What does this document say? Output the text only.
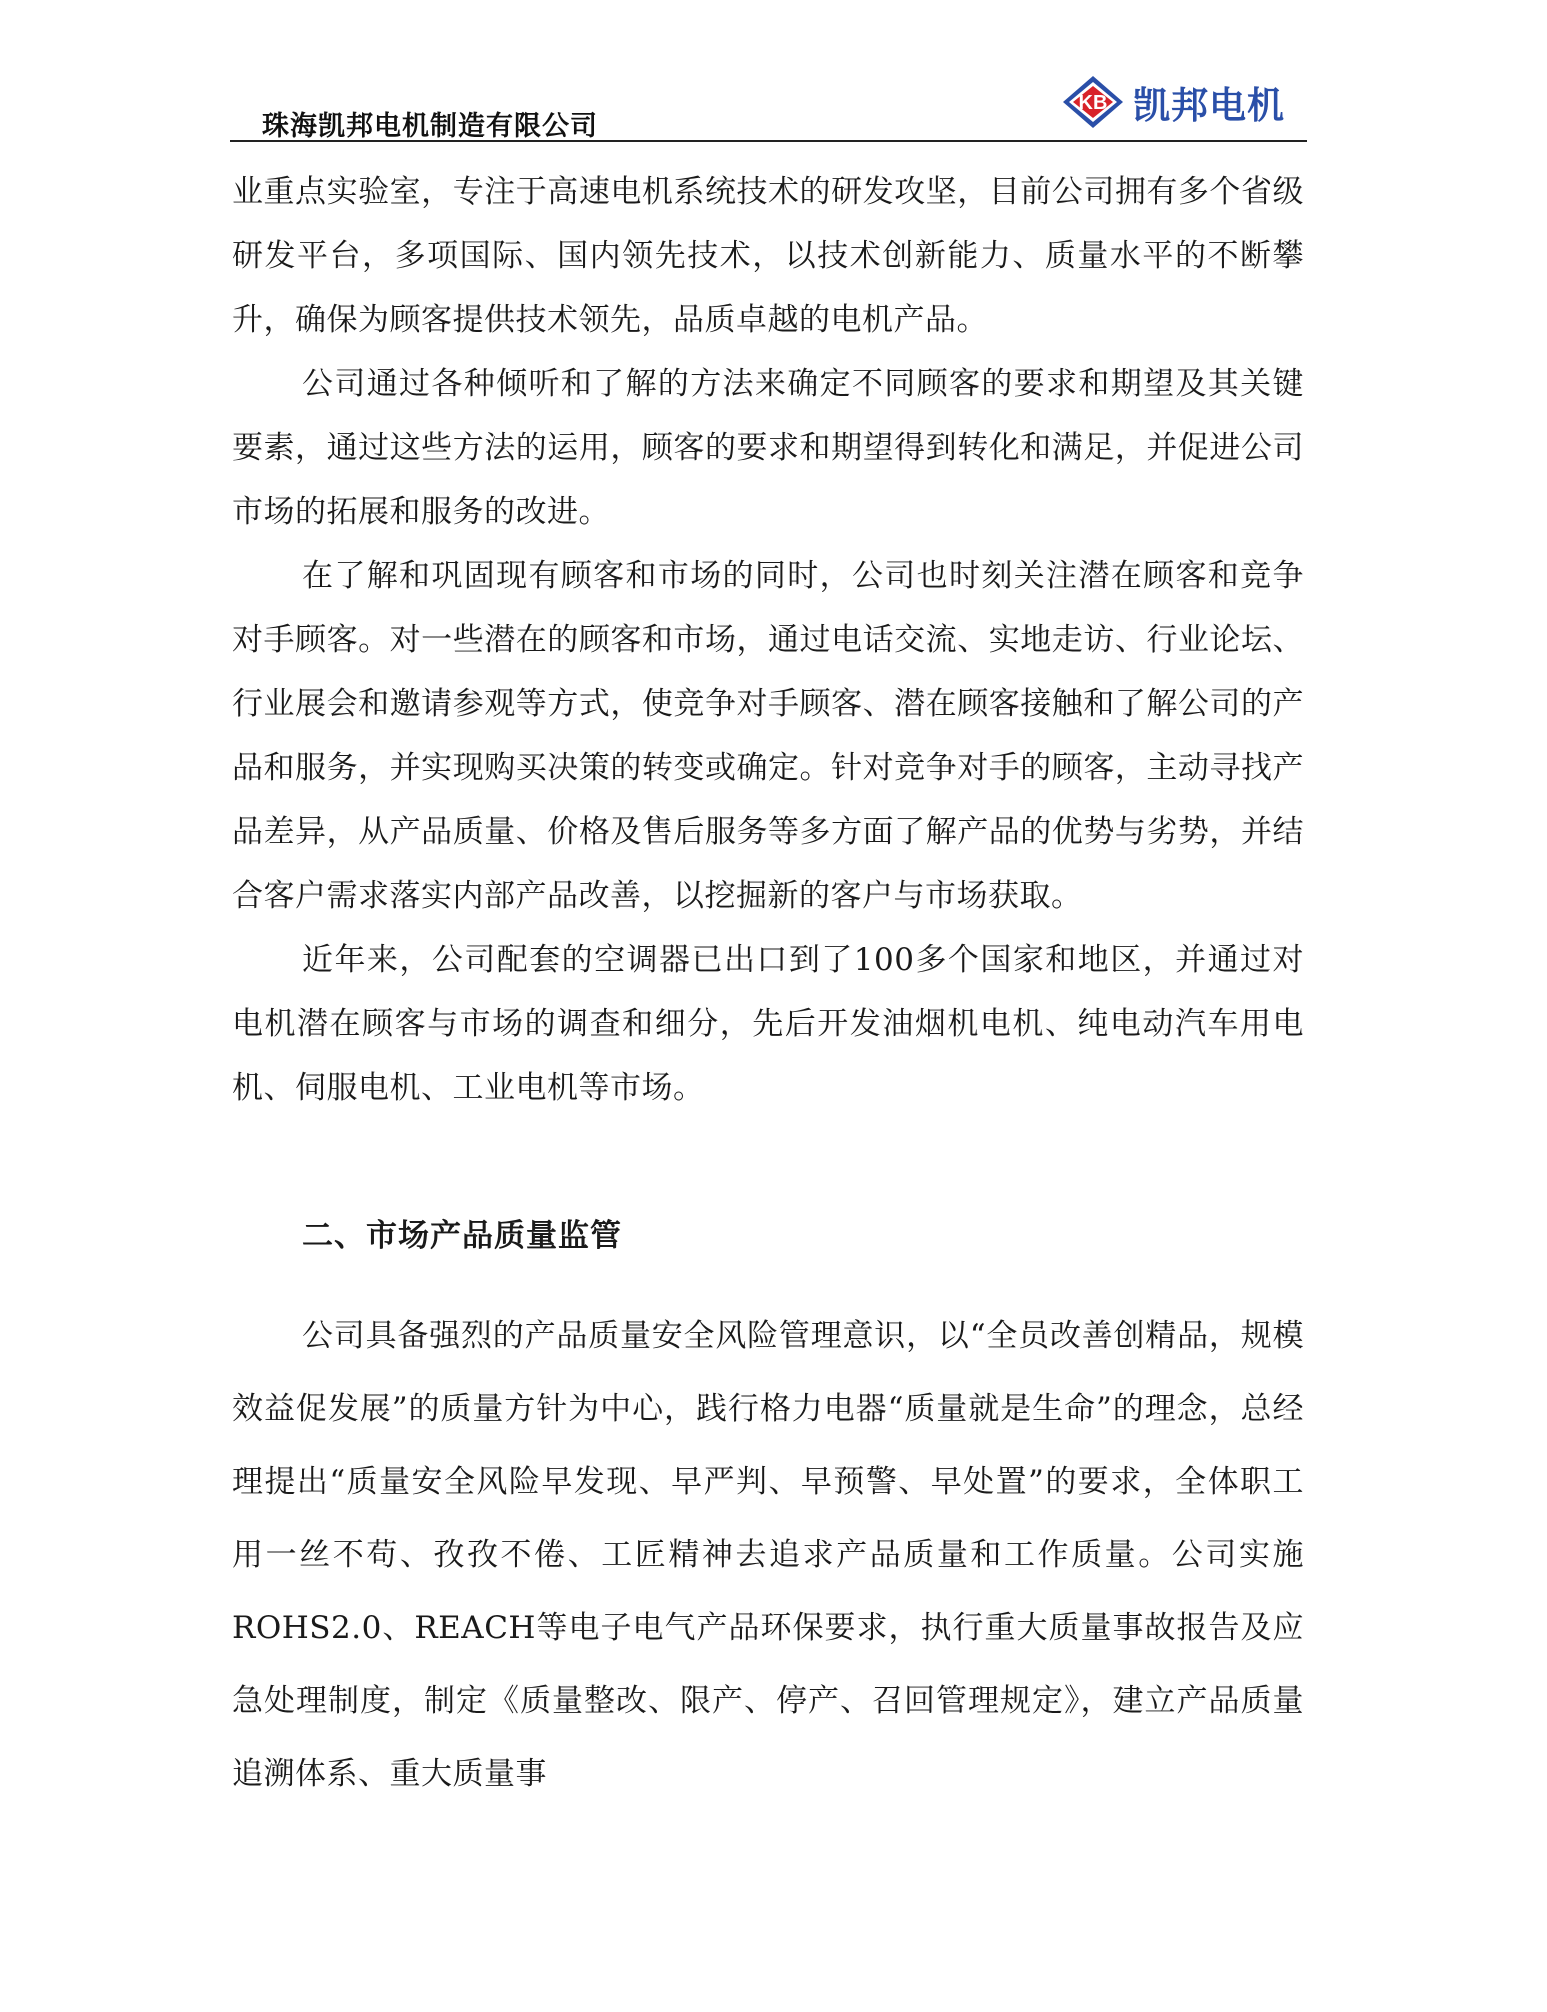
珠海凯邦电机制造有限公司
KB 凯邦电机

业重点实验室，专注于高速电机系统技术的研发攻坚，目前公司拥有多个省级研发平台，多项国际、国内领先技术，以技术创新能力、质量水平的不断攀升，确保为顾客提供技术领先，品质卓越的电机产品。

公司通过各种倾听和了解的方法来确定不同顾客的要求和期望及其关键要素，通过这些方法的运用，顾客的要求和期望得到转化和满足，并促进公司市场的拓展和服务的改进。

在了解和巩固现有顾客和市场的同时，公司也时刻关注潜在顾客和竞争对手顾客。对一些潜在的顾客和市场，通过电话交流、实地走访、行业论坛、行业展会和邀请参观等方式，使竞争对手顾客、潜在顾客接触和了解公司的产品和服务，并实现购买决策的转变或确定。针对竞争对手的顾客，主动寻找产品差异，从产品质量、价格及售后服务等多方面了解产品的优势与劣势，并结合客户需求落实内部产品改善，以挖掘新的客户与市场获取。

近年来，公司配套的空调器已出口到了100多个国家和地区，并通过对电机潜在顾客与市场的调查和细分，先后开发油烟机电机、纯电动汽车用电机、伺服电机、工业电机等市场。

二、市场产品质量监管

公司具备强烈的产品质量安全风险管理意识，以“全员改善创精品，规模效益促发展”的质量方针为中心，践行格力电器“质量就是生命”的理念，总经理提出“质量安全风险早发现、早严判、早预警、早处置”的要求，全体职工用一丝不苟、孜孜不倦、工匠精神去追求产品质量和工作质量。公司实施ROHS2.0、REACH等电子电气产品环保要求，执行重大质量事故报告及应急处理制度，制定《质量整改、限产、停产、召回管理规定》，建立产品质量追溯体系、重大质量事
